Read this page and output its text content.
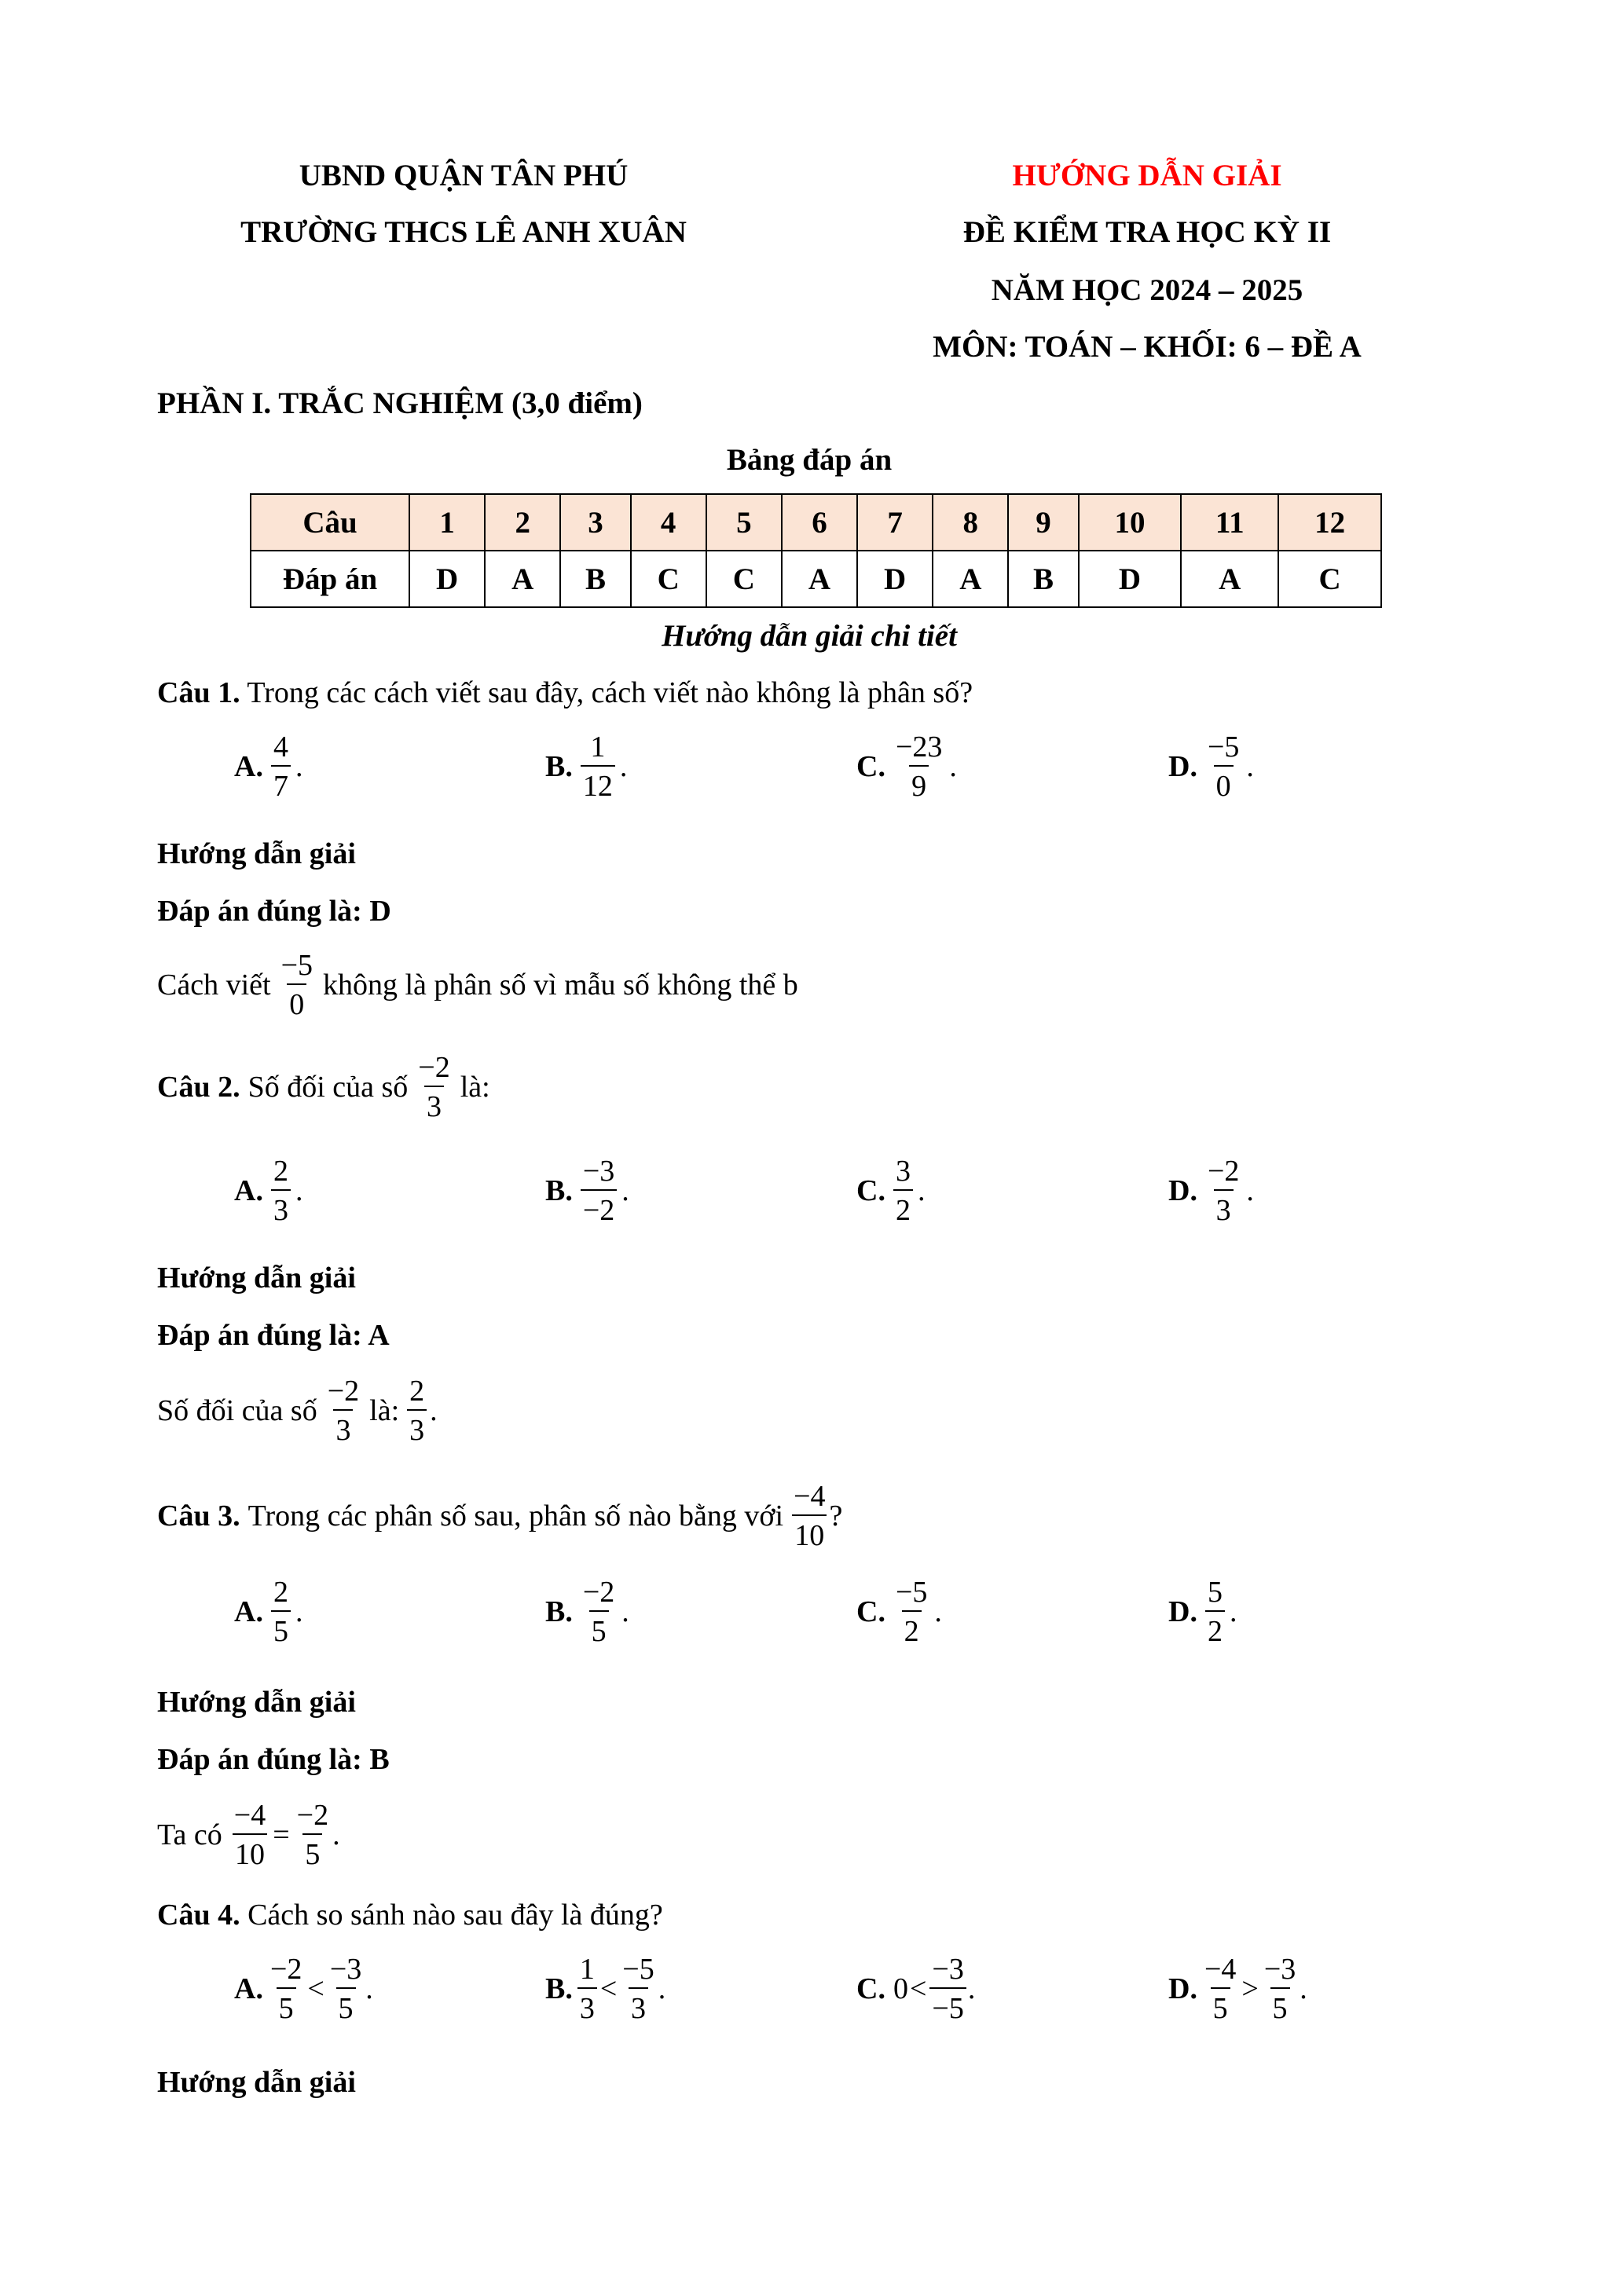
UBND QUẬN TÂN PHÚ
TRƯỜNG THCS LÊ ANH XUÂN
HƯỚNG DẪN GIẢI
ĐỀ KIỂM TRA HỌC KỲ II
NĂM HỌC 2024 – 2025
MÔN: TOÁN – KHỐI: 6 – ĐỀ A
PHẦN I. TRẮC NGHIỆM (3,0 điểm)
Bảng đáp án
Câu	1	2	3	4	5	6	7	8	9	10	11	12
Đáp án	D	A	B	C	C	A	D	A	B	D	A	C
Hướng dẫn giải chi tiết
Câu 1. Trong các cách viết sau đây, cách viết nào không là phân số?
A. $\frac{4}{7}$ .	B. $\frac{1}{12}$ .	C. $\frac{-23}{9}$ .	D. $\frac{-5}{0}$ .
Hướng dẫn giải
Đáp án đúng là: D
Cách viết $\frac{-5}{0}$ không là phân số vì mẫu số không thể b
Câu 2. Số đối của số $\frac{-2}{3}$ là:
A. $\frac{2}{3}$ .	B. $\frac{-3}{-2}$ .	C. $\frac{3}{2}$ .	D. $\frac{-2}{3}$ .
Hướng dẫn giải
Đáp án đúng là: A
Số đối của số $\frac{-2}{3}$ là: $\frac{2}{3}$ .
Câu 3. Trong các phân số sau, phân số nào bằng với $\frac{-4}{10}$ ?
A. $\frac{2}{5}$ .	B. $\frac{-2}{5}$ .	C. $\frac{-5}{2}$ .	D. $\frac{5}{2}$ .
Hướng dẫn giải
Đáp án đúng là: B
Ta có $\frac{-4}{10} = \frac{-2}{5}$ .
Câu 4. Cách so sánh nào sau đây là đúng?
A. $\frac{-2}{5} < \frac{-3}{5}$ .	B. $\frac{1}{3} < \frac{-5}{3}$ .	C. $0 < \frac{-3}{-5}$ .	D. $\frac{-4}{5} > \frac{-3}{5}$ .
Hướng dẫn giải
